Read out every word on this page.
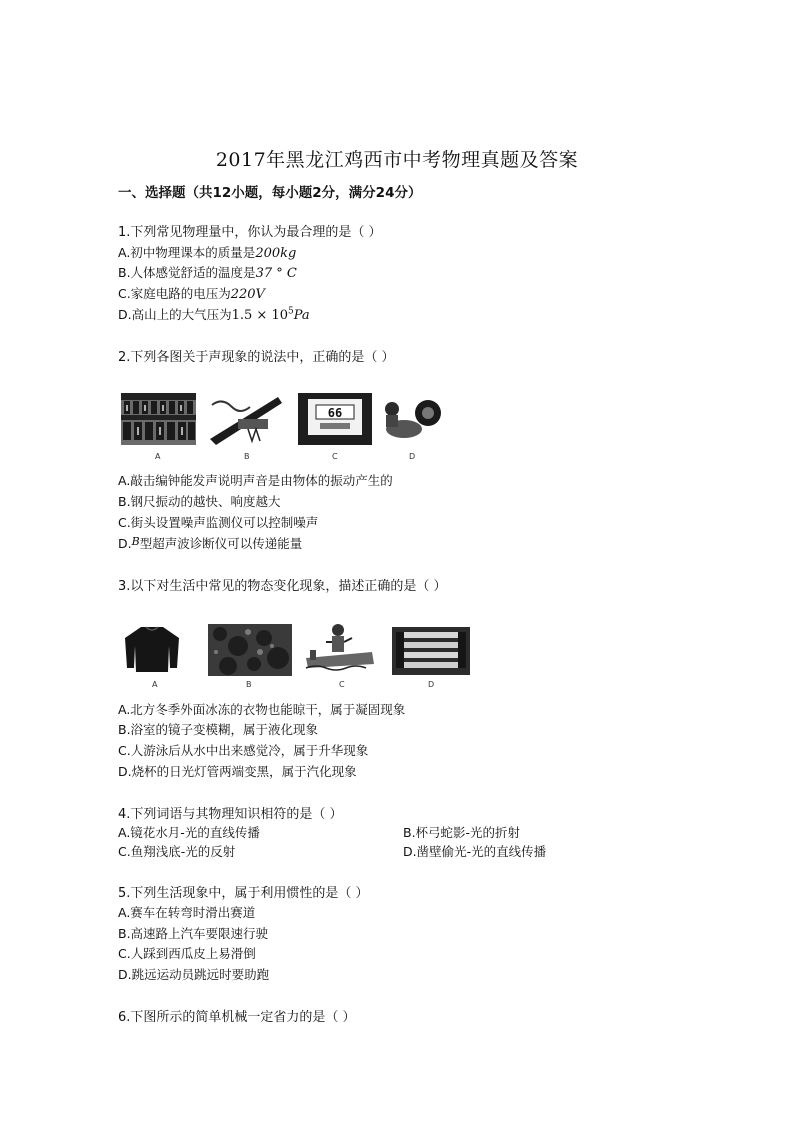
2017年黑龙江鸡西市中考物理真题及答案
一、选择题（共12小题，每小题2分，满分24分）
1.下列常见物理量中，你认为最合理的是（ ）
A.初中物理课本的质量是200kg
B.人体感觉舒适的温度是37 ° C
C.家庭电路的电压为220V
D.高山上的大气压为$1.5 \times 10^5Pa$
2.下列各图关于声现象的说法中，正确的是（ ）
A	B
66
C	D
A.敲击编钟能发声说明声音是由物体的振动产生的
B.钢尺振动的越快、响度越大
C.街头设置噪声监测仪可以控制噪声
D.B型超声波诊断仪可以传递能量
3.以下对生活中常见的物态变化现象，描述正确的是（ ）
A	B	C	D
A.北方冬季外面冰冻的衣物也能晾干，属于凝固现象
B.浴室的镜子变模糊，属于液化现象
C.人游泳后从水中出来感觉冷，属于升华现象
D.烧杯的日光灯管两端变黑，属于汽化现象
4.下列词语与其物理知识相符的是（ ）
A.镜花水月-光的直线传播	B.杯弓蛇影-光的折射
C.鱼翔浅底-光的反射	D.凿壁偷光-光的直线传播
5.下列生活现象中，属于利用惯性的是（ ）
A.赛车在转弯时滑出赛道
B.高速路上汽车要限速行驶
C.人踩到西瓜皮上易滑倒
D.跳远运动员跳远时要助跑
6.下图所示的简单机械一定省力的是（ ）
